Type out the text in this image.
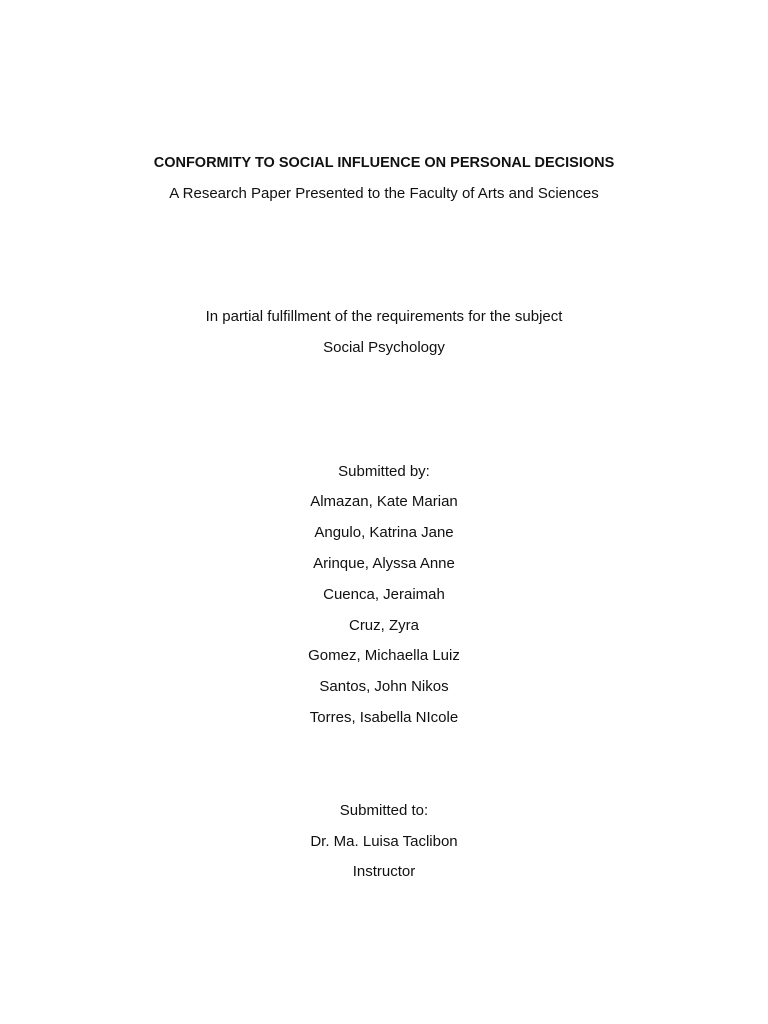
CONFORMITY TO SOCIAL INFLUENCE ON PERSONAL DECISIONS
A Research Paper Presented to the Faculty of Arts and Sciences
In partial fulfillment of the requirements for the subject
Social Psychology
Submitted by:
Almazan, Kate Marian
Angulo, Katrina Jane
Arinque, Alyssa Anne
Cuenca, Jeraimah
Cruz, Zyra
Gomez, Michaella Luiz
Santos, John Nikos
Torres, Isabella NIcole
Submitted to:
Dr. Ma. Luisa Taclibon
Instructor
